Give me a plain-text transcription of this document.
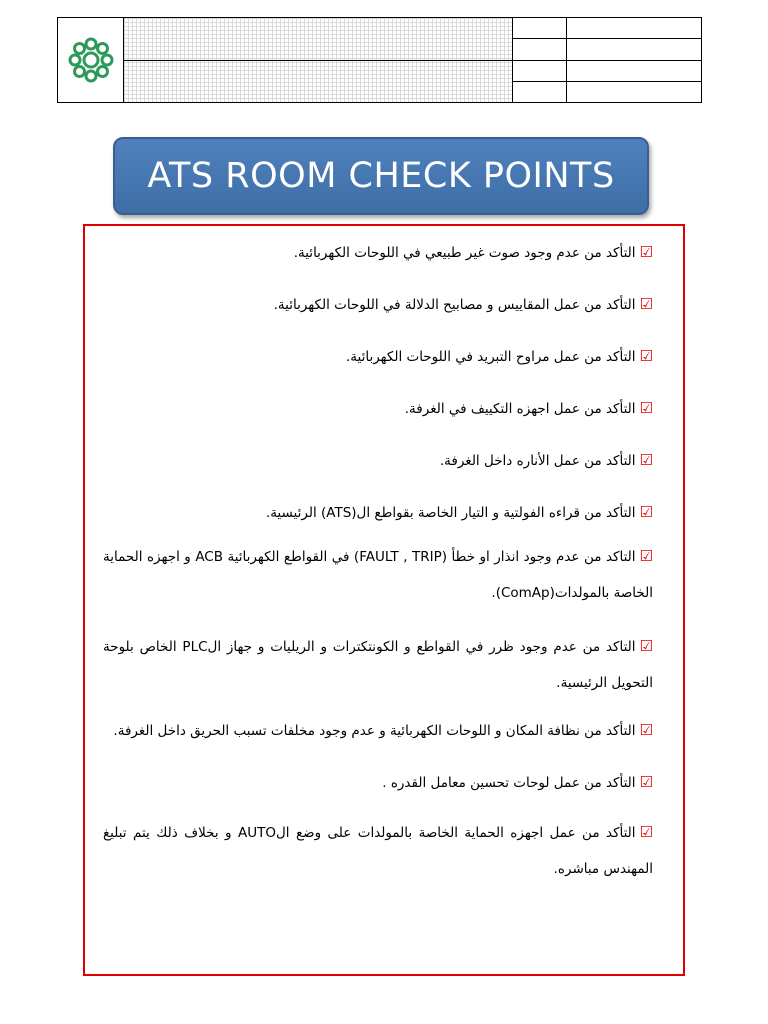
ATS ROOM CHECK POINTS
☑التأكد من عدم وجود صوت غير طبيعي في اللوحات الكهربائية.
☑التأكد من عمل المقاييس و مصابيح الدلالة في اللوحات الكهربائية.
☑التأكد من عمل مراوح التبريد في اللوحات الكهربائية.
☑التأكد من عمل اجهزه التكييف في الغرفة.
☑التأكد من عمل الأناره داخل الغرفة.
☑التأكد من قراءه الفولتية و التيار الخاصة بقواطع ال(ATS) الرئيسية.
☑التاكد من عدم وجود انذار او خطأ (FAULT , TRIP) في القواطع الكهربائية ACB و اجهزه الحماية الخاصة بالمولدات(ComAp).
☑التاكد من عدم وجود ظرر في القواطع و الكونتكترات و الريليات و جهاز الPLC الخاص بلوحة التحويل الرئيسية.
☑التأكد من نظافة المكان و اللوحات الكهربائية و عدم وجود مخلفات تسبب الحريق داخل الغرفة.
☑التأكد من عمل لوحات تحسين معامل القدره .
☑التأكد من عمل اجهزه الحماية الخاصة بالمولدات على وضع الAUTO و بخلاف ذلك يتم تبليغ المهندس مباشره.
